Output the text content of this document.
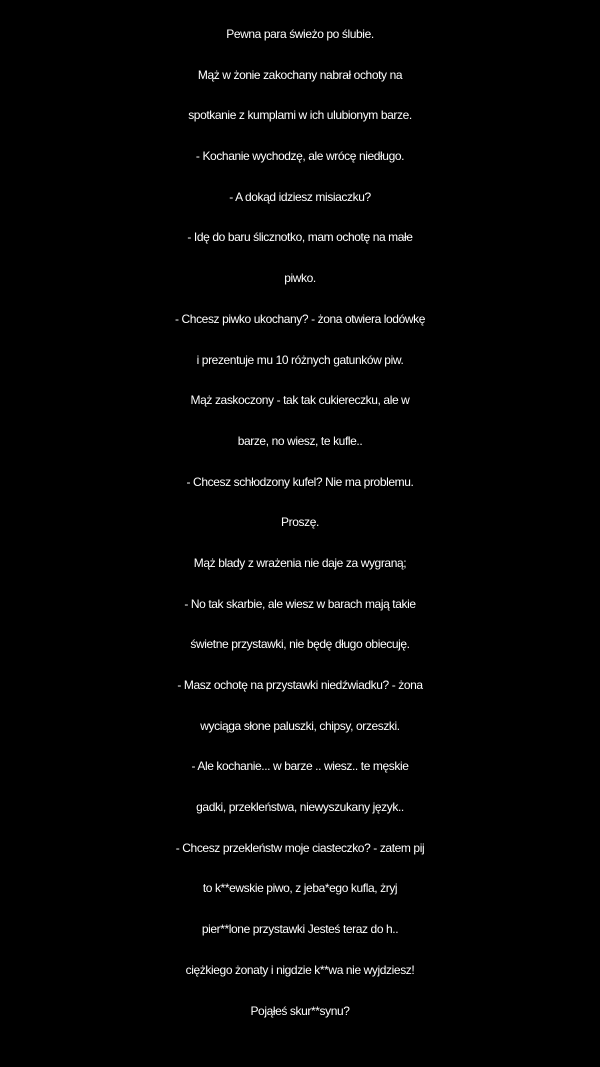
Pewna para świeżo po ślubie.
Mąż w żonie zakochany nabrał ochoty na
spotkanie z kumplami w ich ulubionym barze.
- Kochanie wychodzę, ale wrócę niedługo.
- A dokąd idziesz misiaczku?
- Idę do baru ślicznotko, mam ochotę na małe
piwko.
- Chcesz piwko ukochany? - żona otwiera lodówkę
i prezentuje mu 10 różnych gatunków piw.
Mąż zaskoczony - tak tak cukiereczku, ale w
barze, no wiesz, te kufle..
- Chcesz schłodzony kufel? Nie ma problemu.
Proszę.
Mąż blady z wrażenia nie daje za wygraną;
- No tak skarbie, ale wiesz w barach mają takie
świetne przystawki, nie będę długo obiecuję.
- Masz ochotę na przystawki niedźwiadku? - żona
wyciąga słone paluszki, chipsy, orzeszki.
- Ale kochanie... w barze .. wiesz.. te męskie
gadki, przekleństwa, niewyszukany język..
- Chcesz przekleństw moje ciasteczko? - zatem pij
to k**ewskie piwo, z jeba*ego kufla, żryj
pier**lone przystawki Jesteś teraz do h..
ciężkiego żonaty i nigdzie k**wa nie wyjdziesz!
Pojąłeś skur**synu?
